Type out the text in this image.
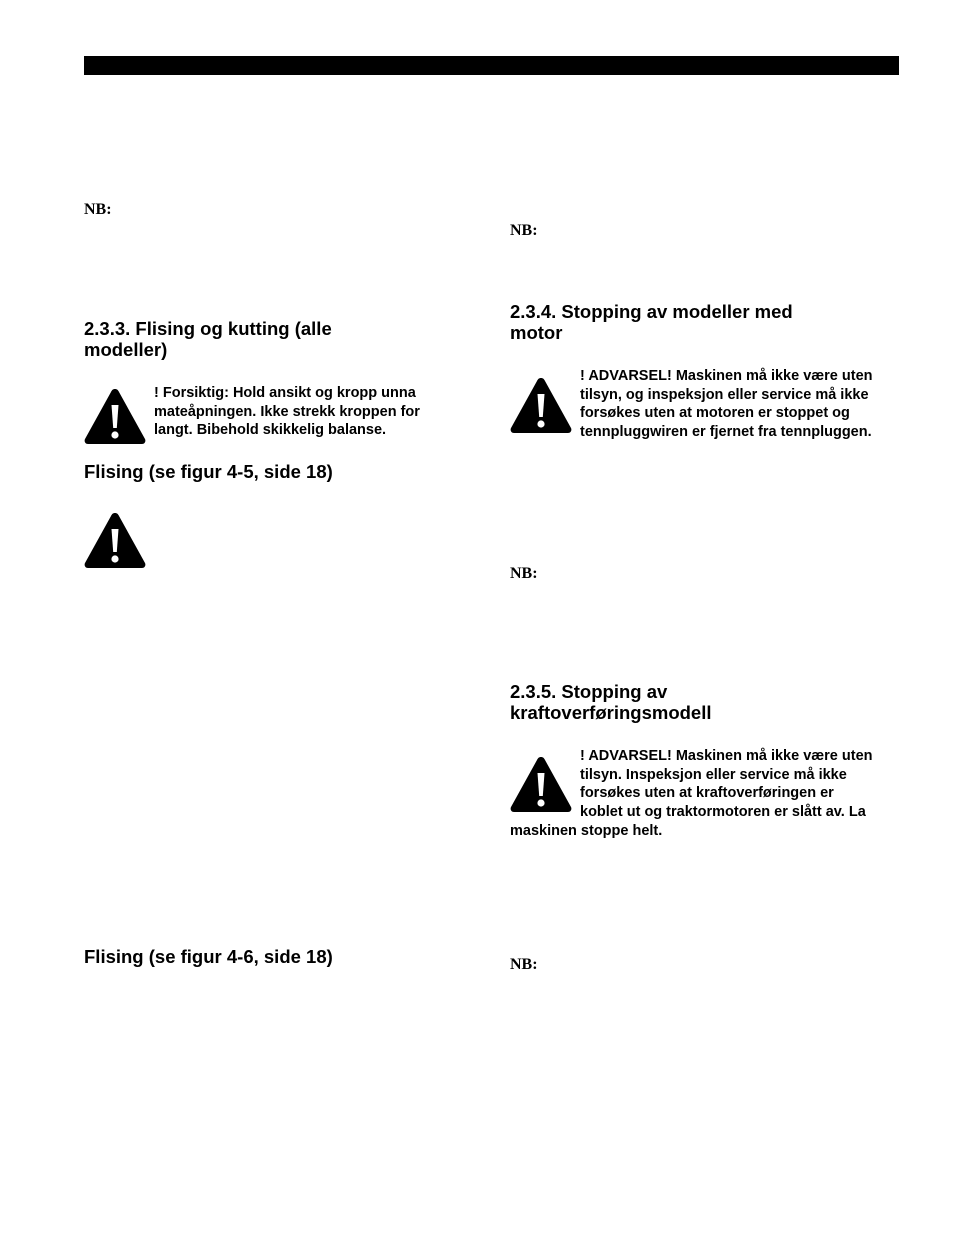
NB:
2.3.3. Flising og kutting (alle
modeller)
! Forsiktig: Hold ansikt og kropp unna
mateåpningen. Ikke strekk kroppen for
langt. Bibehold skikkelig balanse.
Flising (se figur 4-5, side 18)
Flising (se figur 4-6, side 18)
NB:
2.3.4. Stopping av modeller med
motor
! ADVARSEL! Maskinen må ikke være uten
tilsyn, og inspeksjon eller service må ikke
forsøkes uten at motoren er stoppet og
tennpluggwiren er fjernet fra tennpluggen.
NB:
2.3.5. Stopping av
kraftoverføringsmodell
! ADVARSEL! Maskinen må ikke være uten
tilsyn. Inspeksjon eller service må ikke
forsøkes uten at kraftoverføringen er
koblet ut og traktormotoren er slått av. La
maskinen stoppe helt.
NB:
